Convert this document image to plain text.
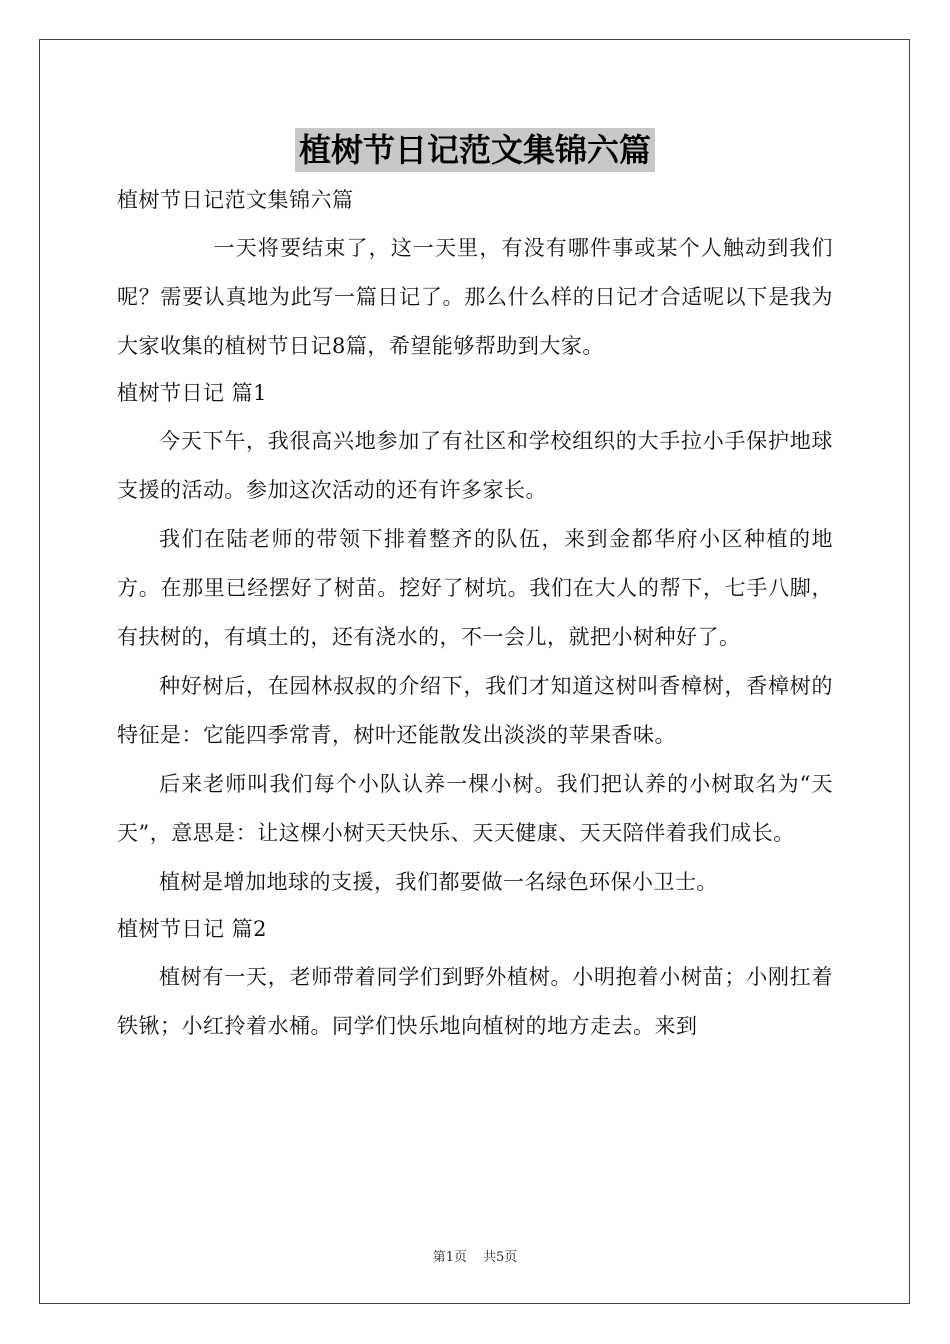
植树节日记范文集锦六篇

植树节日记范文集锦六篇

一天将要结束了，这一天里，有没有哪件事或某个人触动到我们呢？需要认真地为此写一篇日记了。那么什么样的日记才合适呢以下是我为大家收集的植树节日记8篇，希望能够帮助到大家。

植树节日记 篇1

今天下午，我很高兴地参加了有社区和学校组织的大手拉小手保护地球支援的活动。参加这次活动的还有许多家长。

我们在陆老师的带领下排着整齐的队伍，来到金都华府小区种植的地方。在那里已经摆好了树苗。挖好了树坑。我们在大人的帮下，七手八脚，有扶树的，有填土的，还有浇水的，不一会儿，就把小树种好了。

种好树后，在园林叔叔的介绍下，我们才知道这树叫香樟树，香樟树的特征是：它能四季常青，树叶还能散发出淡淡的苹果香味。

后来老师叫我们每个小队认养一棵小树。我们把认养的小树取名为“天天”，意思是：让这棵小树天天快乐、天天健康、天天陪伴着我们成长。

植树是增加地球的支援，我们都要做一名绿色环保小卫士。

植树节日记 篇2

植树有一天，老师带着同学们到野外植树。小明抱着小树苗；小刚扛着铁锹；小红拎着水桶。同学们快乐地向植树的地方走去。来到

第1页 共5页
